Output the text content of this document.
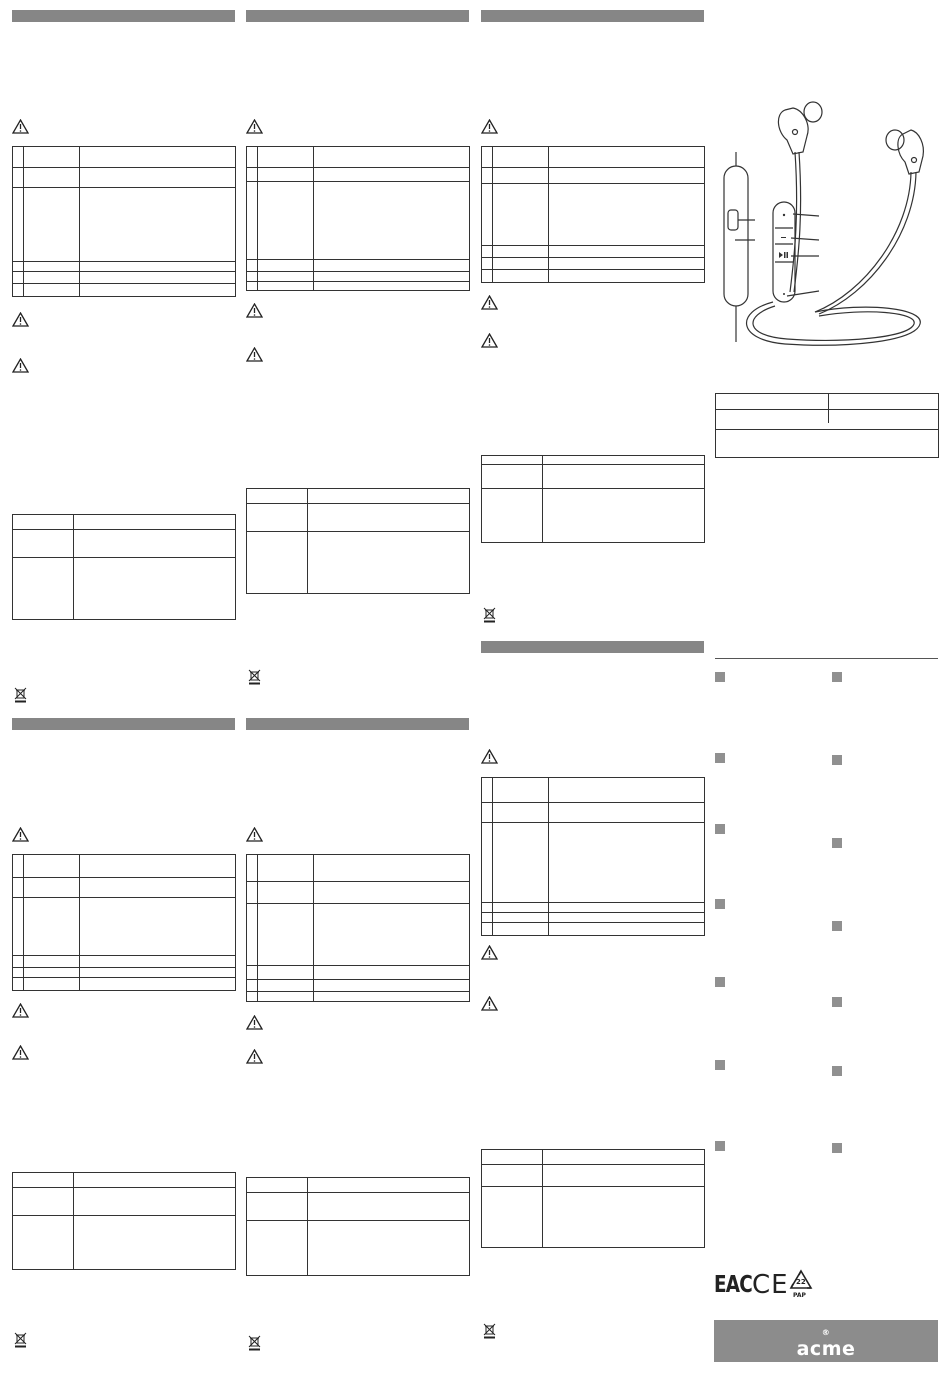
EAC CE 22
PAP
acme
®
